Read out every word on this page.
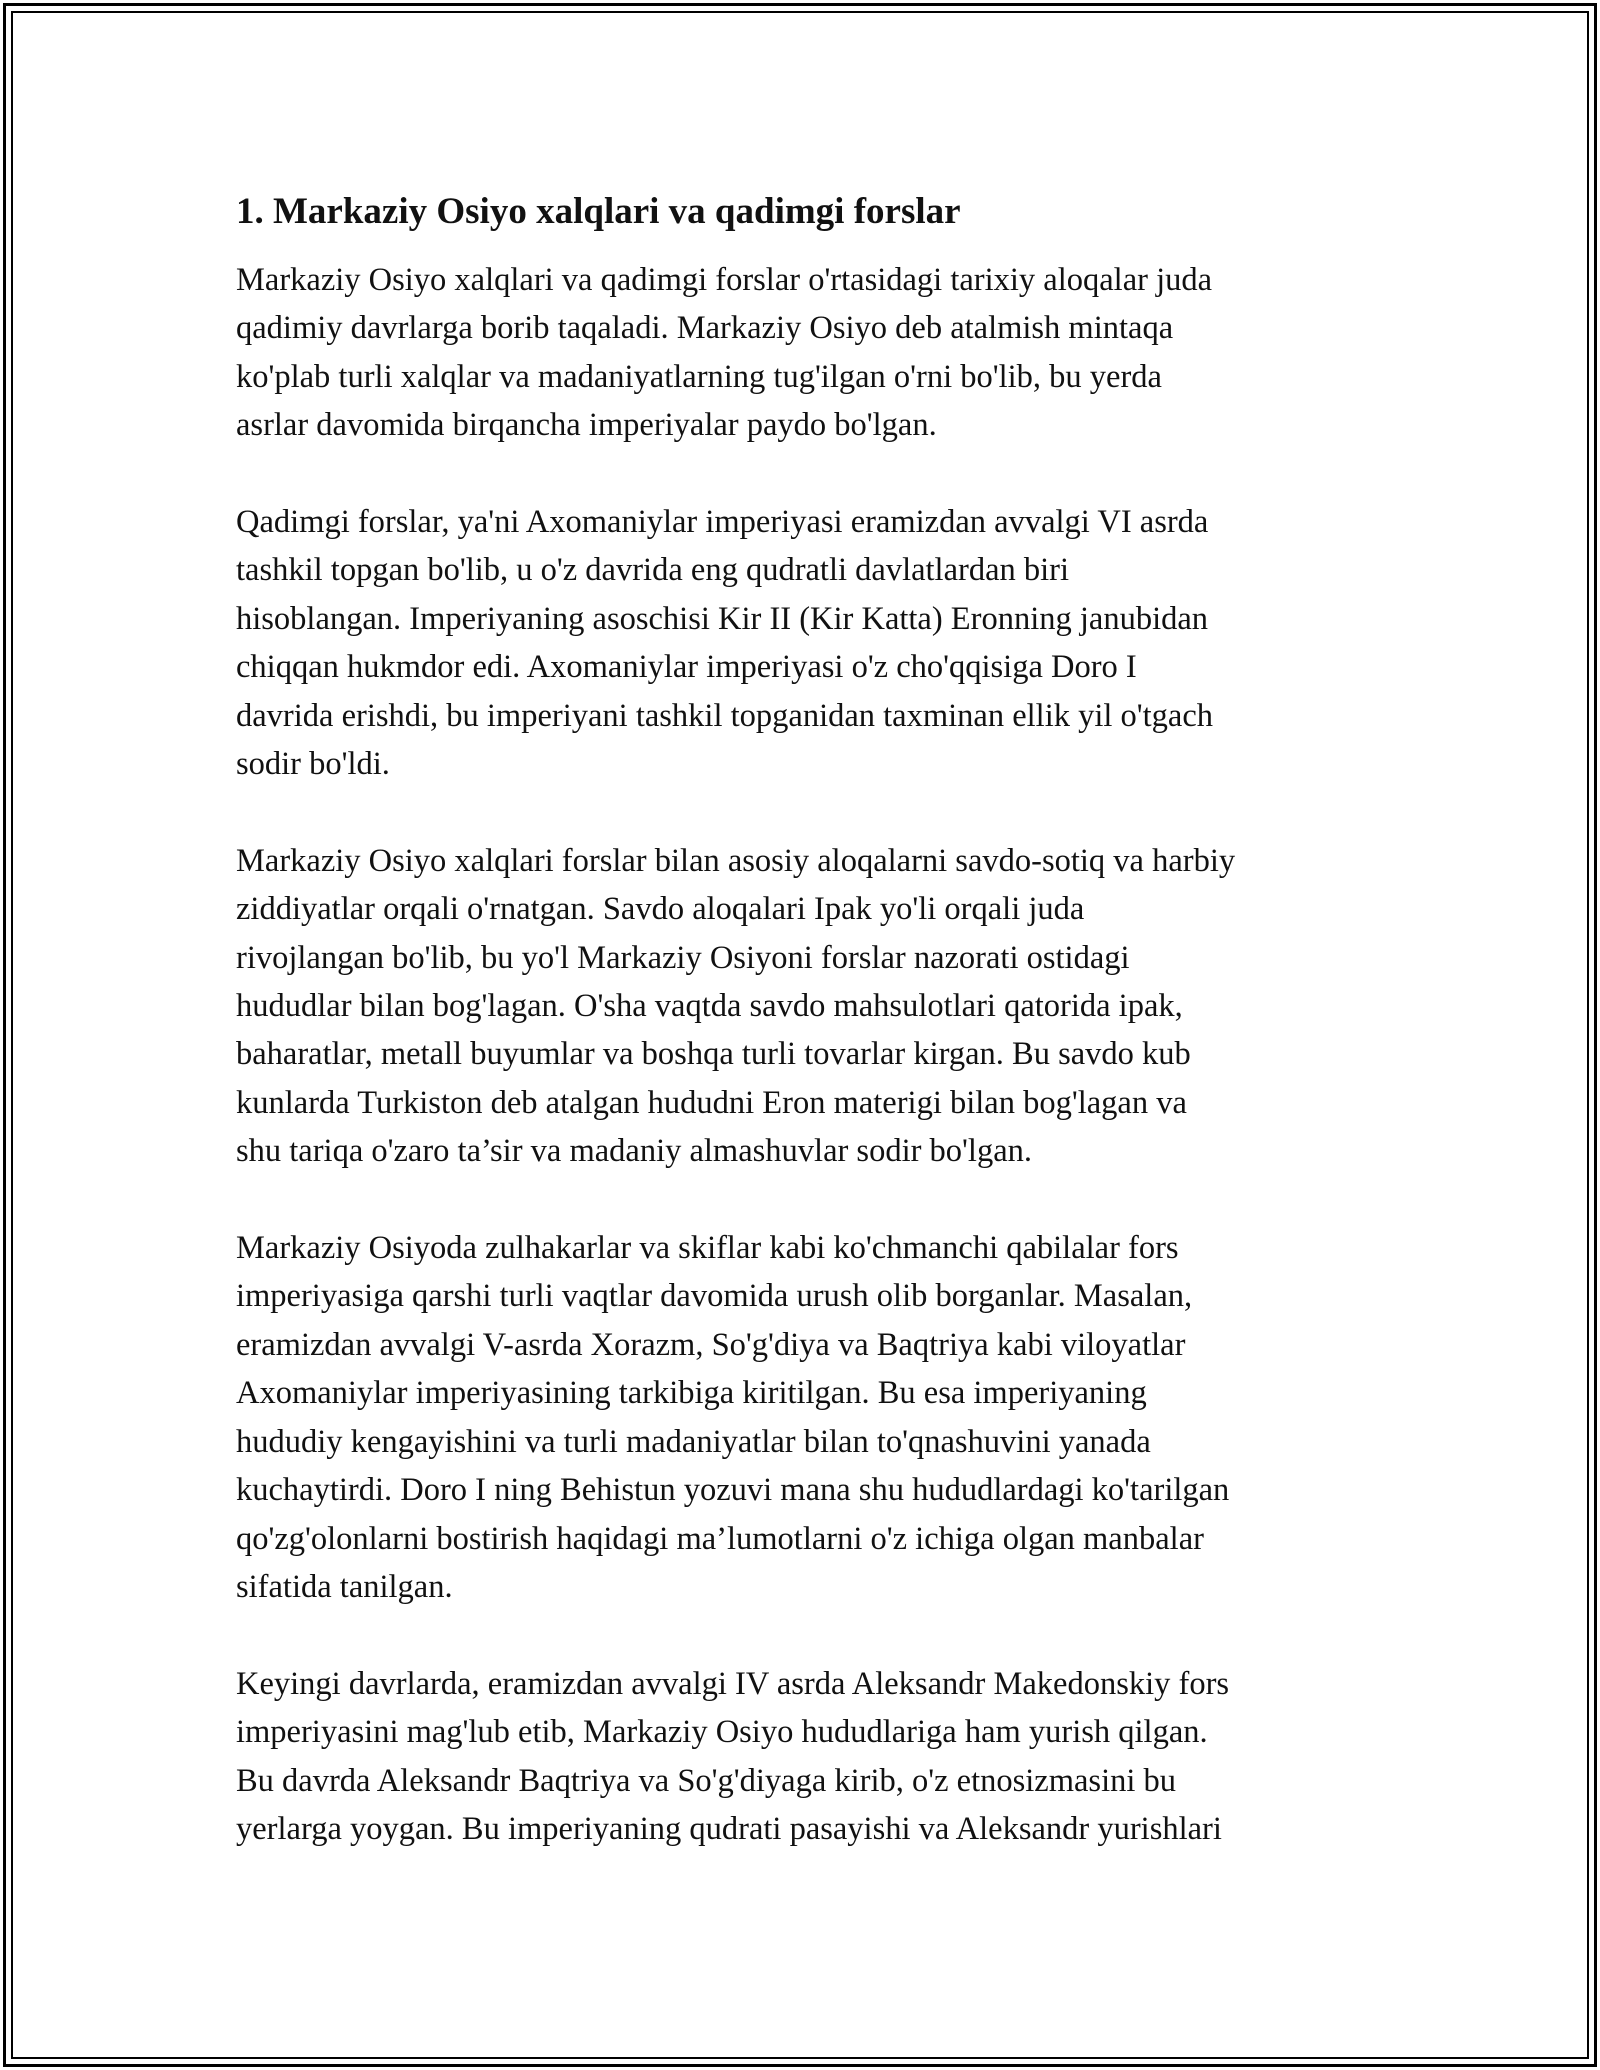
1. Markaziy Osiyo xalqlari va qadimgi forslar

Markaziy Osiyo xalqlari va qadimgi forslar o'rtasidagi tarixiy aloqalar juda
qadimiy davrlarga borib taqaladi. Markaziy Osiyo deb atalmish mintaqa
ko'plab turli xalqlar va madaniyatlarning tug'ilgan o'rni bo'lib, bu yerda
asrlar davomida birqancha imperiyalar paydo bo'lgan.

Qadimgi forslar, ya'ni Axomaniylar imperiyasi eramizdan avvalgi VI asrda
tashkil topgan bo'lib, u o'z davrida eng qudratli davlatlardan biri
hisoblangan. Imperiyaning asoschisi Kir II (Kir Katta) Eronning janubidan
chiqqan hukmdor edi. Axomaniylar imperiyasi o'z cho'qqisiga Doro I
davrida erishdi, bu imperiyani tashkil topganidan taxminan ellik yil o'tgach
sodir bo'ldi.

Markaziy Osiyo xalqlari forslar bilan asosiy aloqalarni savdo-sotiq va harbiy
ziddiyatlar orqali o'rnatgan. Savdo aloqalari Ipak yo'li orqali juda
rivojlangan bo'lib, bu yo'l Markaziy Osiyoni forslar nazorati ostidagi
hududlar bilan bog'lagan. O'sha vaqtda savdo mahsulotlari qatorida ipak,
baharatlar, metall buyumlar va boshqa turli tovarlar kirgan. Bu savdo kub
kunlarda Turkiston deb atalgan hududni Eron materigi bilan bog'lagan va
shu tariqa o'zaro ta’sir va madaniy almashuvlar sodir bo'lgan.

Markaziy Osiyoda zulhakarlar va skiflar kabi ko'chmanchi qabilalar fors
imperiyasiga qarshi turli vaqtlar davomida urush olib borganlar. Masalan,
eramizdan avvalgi V-asrda Xorazm, So'g'diya va Baqtriya kabi viloyatlar
Axomaniylar imperiyasining tarkibiga kiritilgan. Bu esa imperiyaning
hududiy kengayishini va turli madaniyatlar bilan to'qnashuvini yanada
kuchaytirdi. Doro I ning Behistun yozuvi mana shu hududlardagi ko'tarilgan
qo'zg'olonlarni bostirish haqidagi ma’lumotlarni o'z ichiga olgan manbalar
sifatida tanilgan.

Keyingi davrlarda, eramizdan avvalgi IV asrda Aleksandr Makedonskiy fors
imperiyasini mag'lub etib, Markaziy Osiyo hududlariga ham yurish qilgan.
Bu davrda Aleksandr Baqtriya va So'g'diyaga kirib, o'z etnosizmasini bu
yerlarga yoygan. Bu imperiyaning qudrati pasayishi va Aleksandr yurishlari
